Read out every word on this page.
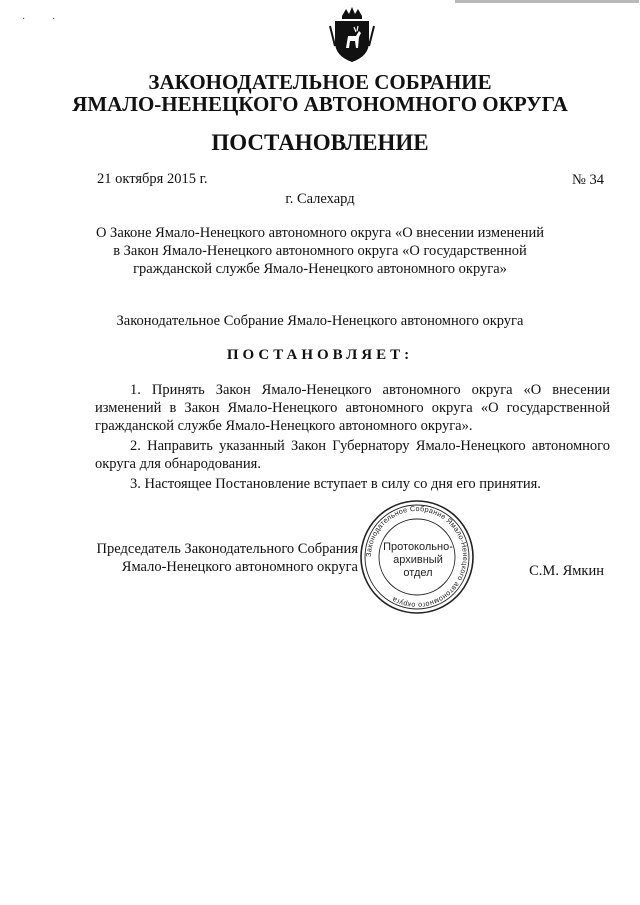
·	·
ЗАКОНОДАТЕЛЬНОЕ СОБРАНИЕ
ЯМАЛО-НЕНЕЦКОГО АВТОНОМНОГО ОКРУГА
ПОСТАНОВЛЕНИЕ
21 октября 2015 г.	№ 34
г. Салехард
О Законе Ямало-Ненецкого автономного округа «О внесении изменений
в Закон Ямало-Ненецкого автономного округа «О государственной
гражданской службе Ямало-Ненецкого автономного округа»
Законодательное Собрание Ямало-Ненецкого автономного округа
ПОСТАНОВЛЯЕТ:

1. Принять Закон Ямало-Ненецкого автономного округа «О внесении изменений в Закон Ямало-Ненецкого автономного округа «О государственной гражданской службе Ямало-Ненецкого автономного округа».

2. Направить указанный Закон Губернатору Ямало-Ненецкого автономного округа для обнародования.

3. Настоящее Постановление вступает в силу со дня его принятия.

Председатель Законодательного Собрания
Ямало-Ненецкого автономного округа
Законодательное Собрание Ямало-Ненецкого автономного округа
Протокольно-
архивный
отдел	С.М. Ямкин
